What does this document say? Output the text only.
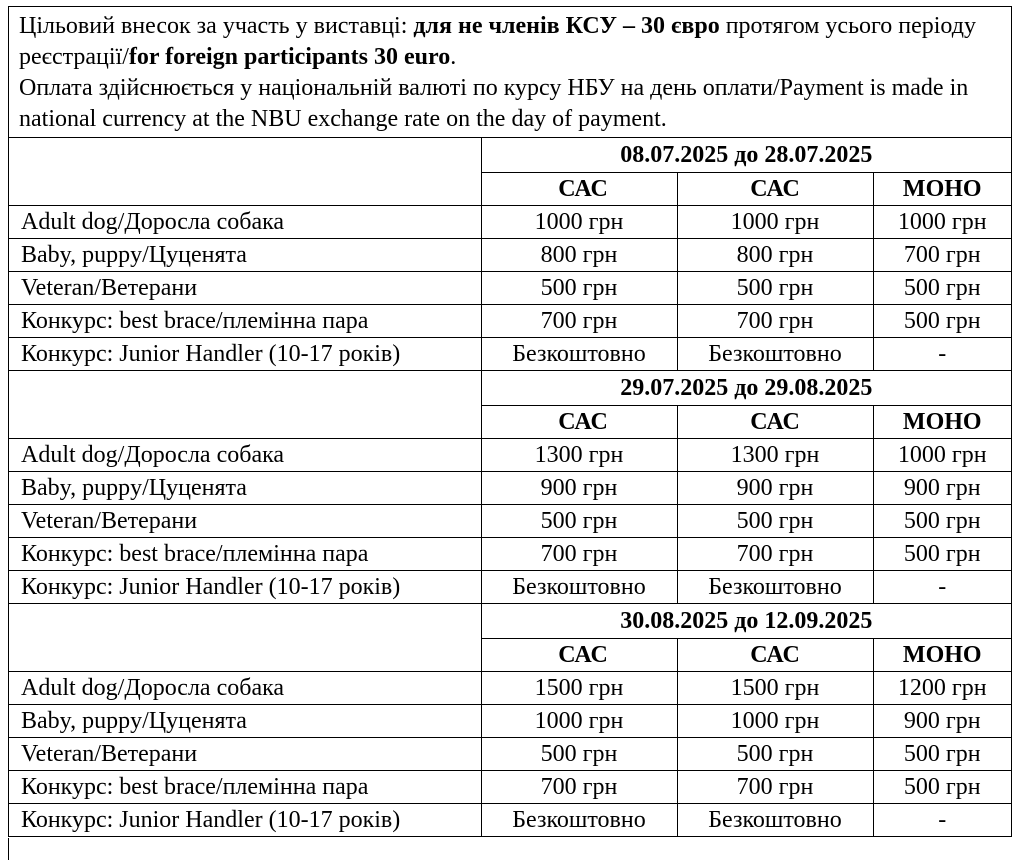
Цільовий внесок за участь у виставці: для не членів КСУ – 30 євро протягом усього періоду реєстрації/for foreign participants 30 euro.
Оплата здійснюється у національній валюті по курсу НБУ на день оплати/Payment is made in national currency at the NBU exchange rate on the day of payment.
	08.07.2025 до 28.07.2025		
	САС	САС	МОНО
Adult dog/Доросла собака	1000 грн	1000 грн	1000 грн
Baby, puppy/Цуценята	800 грн	800 грн	700 грн
Veteran/Ветерани	500 грн	500 грн	500 грн
Конкурс: best brace/племінна пара	700 грн	700 грн	500 грн
Конкурс: Junior Handler (10-17 років)	Безкоштовно	Безкоштовно	-
	29.07.2025 до 29.08.2025		
	САС	САС	МОНО
Adult dog/Доросла собака	1300 грн	1300 грн	1000 грн
Baby, puppy/Цуценята	900 грн	900 грн	900 грн
Veteran/Ветерани	500 грн	500 грн	500 грн
Конкурс: best brace/племінна пара	700 грн	700 грн	500 грн
Конкурс: Junior Handler (10-17 років)	Безкоштовно	Безкоштовно	-
	30.08.2025 до 12.09.2025		
	САС	САС	МОНО
Adult dog/Доросла собака	1500 грн	1500 грн	1200 грн
Baby, puppy/Цуценята	1000 грн	1000 грн	900 грн
Veteran/Ветерани	500 грн	500 грн	500 грн
Конкурс: best brace/племінна пара	700 грн	700 грн	500 грн
Конкурс: Junior Handler (10-17 років)	Безкоштовно	Безкоштовно	-
